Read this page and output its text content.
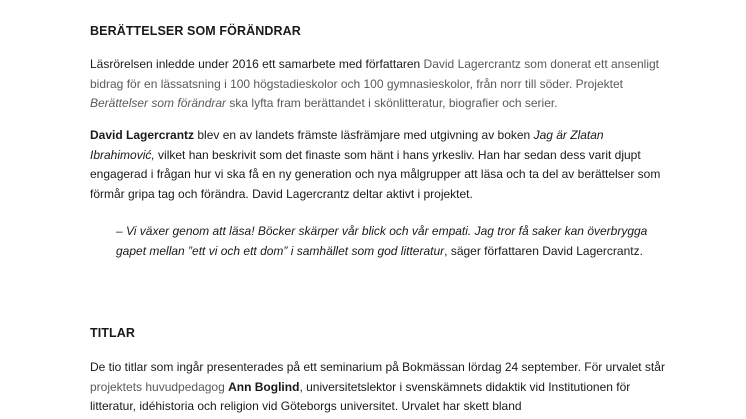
BERÄTTELSER SOM FÖRÄNDRAR

Läsrörelsen inledde under 2016 ett samarbete med författaren David Lagercrantz som donerat ett ansenligt bidrag för en lässatsning i 100 högstadieskolor och 100 gymnasieskolor, från norr till söder. Projektet Berättelser som förändrar ska lyfta fram berättandet i skönlitteratur, biografier och serier.

David Lagercrantz blev en av landets främste läsfrämjare med utgivning av boken Jag är Zlatan Ibrahimović, vilket han beskrivit som det finaste som hänt i hans yrkesliv. Han har sedan dess varit djupt engagerad i frågan hur vi ska få en ny generation och nya målgrupper att läsa och ta del av berättelser som förmår gripa tag och förändra. David Lagercrantz deltar aktivt i projektet.

– Vi växer genom att läsa! Böcker skärper vår blick och vår empati. Jag tror få saker kan överbrygga gapet mellan ”ett vi och ett dom” i samhället som god litteratur, säger författaren David Lagercrantz.

TITLAR

De tio titlar som ingår presenterades på ett seminarium på Bokmässan lördag 24 september. För urvalet står projektets huvudpedagog Ann Boglind, universitetslektor i svenskämnets didaktik vid Institutionen för litteratur, idéhistoria och religion vid Göteborgs universitet. Urvalet har skett bland
